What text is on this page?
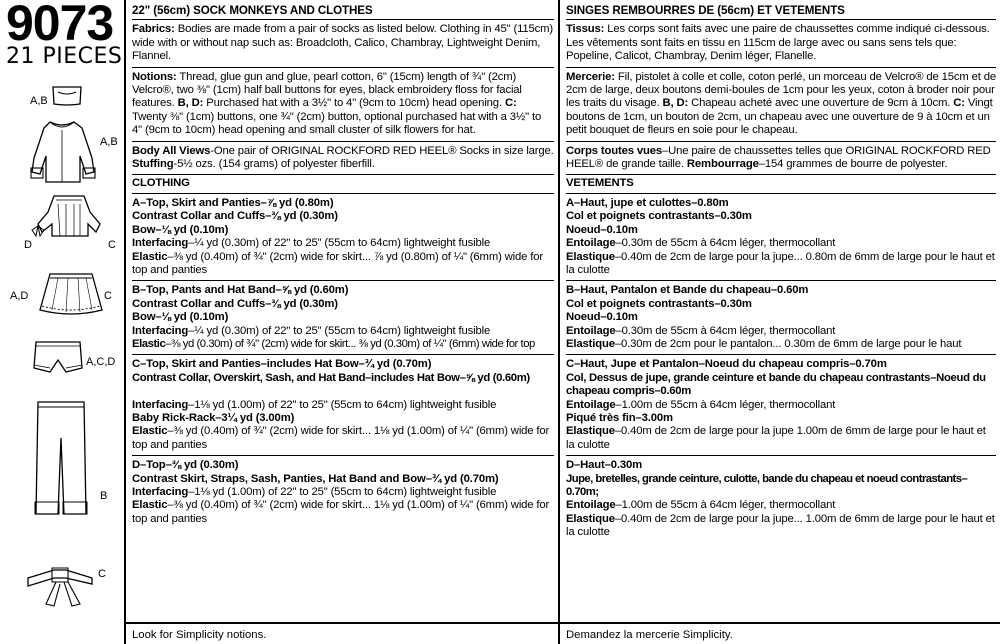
9073
21 PIECES
A,B
A,B
D	C
A,D	C
A,C,D
B
C
22" (56cm) SOCK MONKEYS AND CLOTHES

Fabrics: Bodies are made from a pair of socks as listed below. Clothing in 45" (115cm) wide with or without nap such as: Broadcloth, Calico, Chambray, Lightweight Denim, Flannel.

Notions: Thread, glue gun and glue, pearl cotton, 6" (15cm) length of ¾" (2cm) Velcro®, two ⅜" (1cm) half ball buttons for eyes, black embroidery floss for facial features. B, D: Purchased hat with a 3½" to 4" (9cm to 10cm) head opening. C: Twenty ⅜" (1cm) buttons, one ¾" (2cm) button, optional purchased hat with a 3½" to 4" (9cm to 10cm) head opening and small cluster of silk flowers for hat.

Body All Views-One pair of ORIGINAL ROCKFORD RED HEEL® Socks in size large.
Stuffing-5½ ozs. (154 grams) of polyester fiberfill.

CLOTHING

A–Top, Skirt and Panties–⅞ yd (0.80m)

Contrast Collar and Cuffs–⅜ yd (0.30m)

Bow–⅛ yd (0.10m)

Interfacing–¼ yd (0.30m) of 22" to 25" (55cm to 64cm) lightweight fusible

Elastic–⅜ yd (0.40m) of ¾" (2cm) wide for skirt... ⅞ yd (0.80m) of ¼" (6mm) wide for top and panties

B–Top, Pants and Hat Band–⅝ yd (0.60m)

Contrast Collar and Cuffs–⅜ yd (0.30m)

Bow–⅛ yd (0.10m)

Interfacing–¼ yd (0.30m) of 22" to 25" (55cm to 64cm) lightweight fusible

Elastic–⅜ yd (0.30m) of ¾" (2cm) wide for skirt... ⅜ yd (0.30m) of ¼" (6mm) wide for top

C–Top, Skirt and Panties–includes Hat Bow–¾ yd (0.70m)

Contrast Collar, Overskirt, Sash, and Hat Band–includes Hat Bow–⅝ yd (0.60m)

Interfacing–1⅛ yd (1.00m) of 22" to 25" (55cm to 64cm) lightweight fusible

Baby Rick-Rack–3¼ yd (3.00m)

Elastic–⅜ yd (0.40m) of ¾" (2cm) wide for skirt... 1⅛ yd (1.00m) of ¼" (6mm) wide for top and panties

D–Top–⅜ yd (0.30m)

Contrast Skirt, Straps, Sash, Panties, Hat Band and Bow–¾ yd (0.70m)

Interfacing–1⅛ yd (1.00m) of 22" to 25" (55cm to 64cm) lightweight fusible

Elastic–⅜ yd (0.40m) of ¾" (2cm) wide for skirt... 1⅛ yd (1.00m) of ¼" (6mm) wide for top and panties

Look for Simplicity notions.
SINGES REMBOURRES DE (56cm) ET VETEMENTS

Tissus: Les corps sont faits avec une paire de chaussettes comme indiqué ci-dessous. Les vêtements sont faits en tissu en 115cm de large avec ou sans sens tels que: Popeline, Calicot, Chambray, Denim léger, Flanelle.

Mercerie: Fil, pistolet à colle et colle, coton perlé, un morceau de Velcro® de 15cm et de 2cm de large, deux boutons demi-boules de 1cm pour les yeux, coton à broder noir pour les traits du visage. B, D: Chapeau acheté avec une ouverture de 9cm à 10cm. C: Vingt boutons de 1cm, un bouton de 2cm, un chapeau avec une ouverture de 9 à 10cm et un petit bouquet de fleurs en soie pour le chapeau.

Corps toutes vues–Une paire de chaussettes telles que ORIGINAL ROCKFORD RED HEEL® de grande taille. Rembourrage–154 grammes de bourre de polyester.

VETEMENTS

A–Haut, jupe et culottes–0.80m

Col et poignets contrastants–0.30m

Noeud–0.10m

Entoilage–0.30m de 55cm à 64cm léger, thermocollant

Elastique–0.40m de 2cm de large pour la jupe... 0.80m de 6mm de large pour le haut et la culotte

B–Haut, Pantalon et Bande du chapeau–0.60m

Col et poignets contrastants–0.30m

Noeud–0.10m

Entoilage–0.30m de 55cm à 64cm léger, thermocollant

Elastique–0.30m de 2cm pour le pantalon... 0.30m de 6mm de large pour le haut

C–Haut, Jupe et Pantalon–Noeud du chapeau compris–0.70m

Col, Dessus de jupe, grande ceinture et bande du chapeau contrastants–Noeud du chapeau compris–0.60m

Entoilage–1.00m de 55cm à 64cm léger, thermocollant

Piqué très fin–3.00m

Elastique–0.40m de 2cm de large pour la jupe 1.00m de 6mm de large pour le haut et la culotte

D–Haut–0.30m

Jupe, bretelles, grande ceinture, culotte, bande du chapeau et noeud contrastants–0.70m;

Entoilage–1.00m de 55cm à 64cm léger, thermocollant

Elastique–0.40m de 2cm de large pour la jupe... 1.00m de 6mm de large pour le haut et la culotte

Demandez la mercerie Simplicity.
